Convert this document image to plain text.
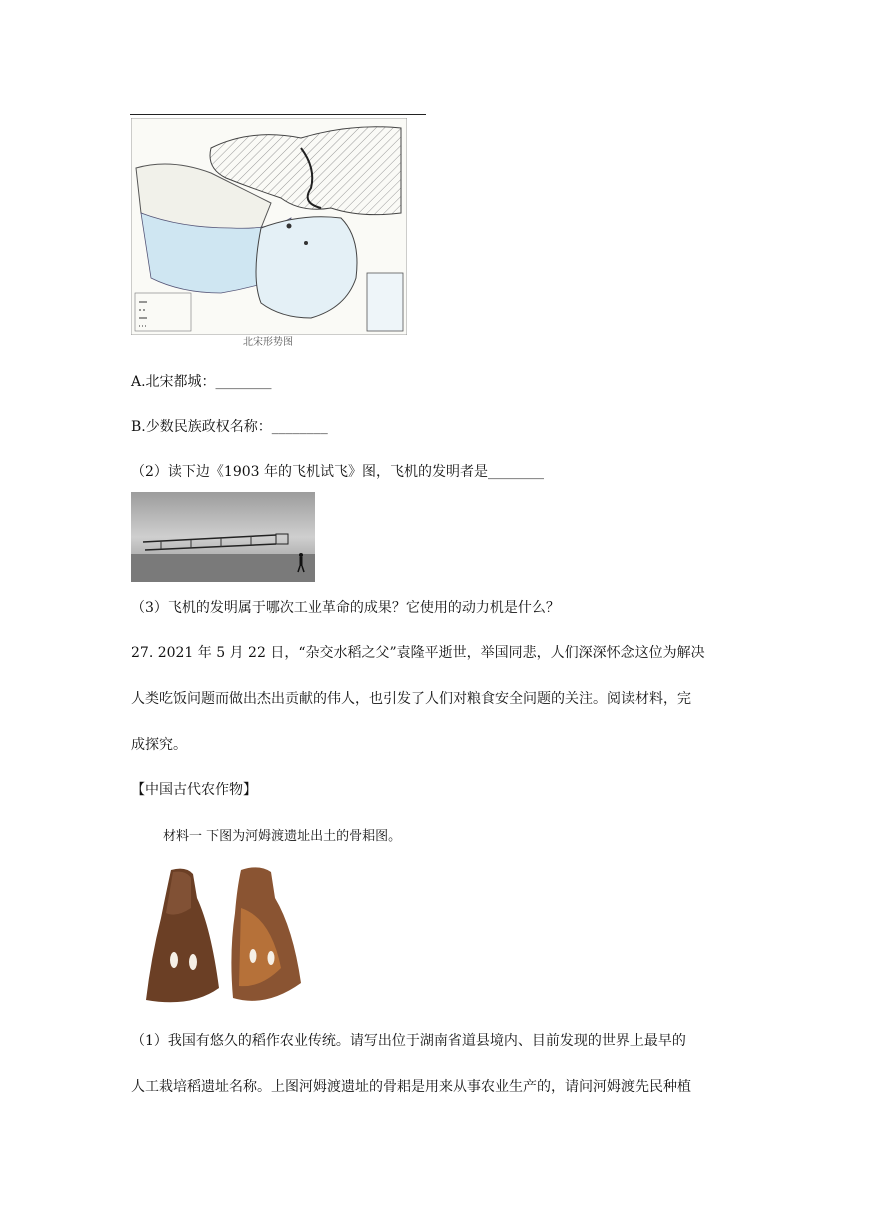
北宋形势图
A.北宋都城：________
B.少数民族政权名称：________
（2）读下边《1903 年的飞机试飞》图，飞机的发明者是________
（3）飞机的发明属于哪次工业革命的成果？它使用的动力机是什么？
27. 2021 年 5 月 22 日，“杂交水稻之父”袁隆平逝世，举国同悲，人们深深怀念这位为解决
人类吃饭问题而做出杰出贡献的伟人，也引发了人们对粮食安全问题的关注。阅读材料，完
成探究。
【中国古代农作物】
材料一 下图为河姆渡遗址出土的骨耜图。
（1）我国有悠久的稻作农业传统。请写出位于湖南省道县境内、目前发现的世界上最早的
人工栽培稻遗址名称。上图河姆渡遗址的骨耜是用来从事农业生产的，请问河姆渡先民种植
